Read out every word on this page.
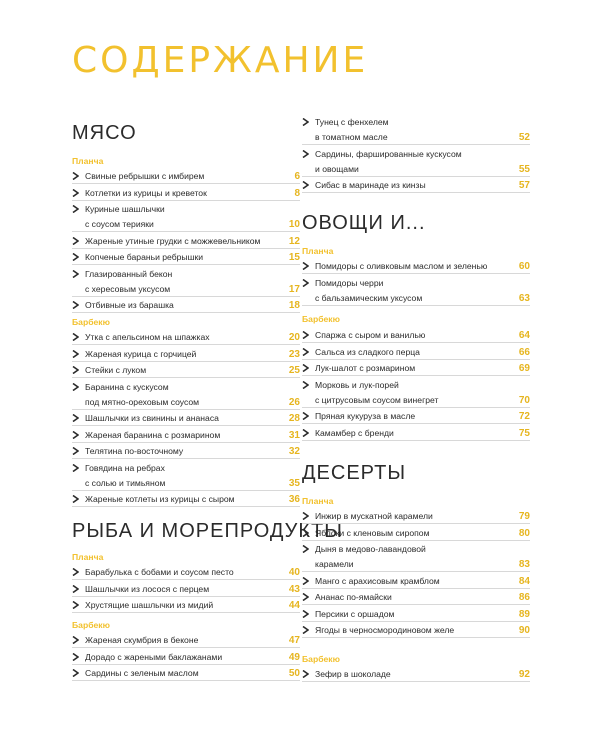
СОДЕРЖАНИЕ
МЯСО
Планча
Свиные ребрышки с имбирем	6
Котлетки из курицы и креветок	8
Куриные шашлычки
с соусом терияки	10
Жареные утиные грудки с можжевельником	12
Копченые бараньи ребрышки	15
Глазированный бекон
с хересовым уксусом	17
Отбивные из барашка	18
Барбекю
Утка с апельсином на шпажках	20
Жареная курица с горчицей	23
Стейки с луком	25
Баранина с кускусом
под мятно-ореховым соусом	26
Шашлычки из свинины и ананаса	28
Жареная баранина с розмарином	31
Телятина по-восточному	32
Говядина на ребрах
с солью и тимьяном	35
Жареные котлеты из курицы с сыром	36
РЫБА И МОРЕПРОДУКТЫ
Планча
Барабулька с бобами и соусом песто	40
Шашлычки из лосося с перцем	43
Хрустящие шашлычки из мидий	44
Барбекю
Жареная скумбрия в беконе	47
Дорадо с жареными баклажанами	49
Сардины с зеленым маслом	50
Тунец с фенхелем
в томатном масле	52
Сардины, фаршированные кускусом
и овощами	55
Сибас в маринаде из кинзы	57
ОВОЩИ И...
Планча
Помидоры с оливковым маслом и зеленью	60
Помидоры черри
с бальзамическим уксусом	63
Барбекю
Спаржа с сыром и ванилью	64
Сальса из сладкого перца	66
Лук-шалот с розмарином	69
Морковь и лук-порей
с цитрусовым соусом винегрет	70
Пряная кукуруза в масле	72
Камамбер с бренди	75
ДЕСЕРТЫ
Планча
Инжир в мускатной карамели	79
Яблоки с кленовым сиропом	80
Дыня в медово-лавандовой
карамели	83
Манго с арахисовым крамблом	84
Ананас по-ямайски	86
Персики с оршадом	89
Ягоды в черносмородиновом желе	90
Барбекю
Зефир в шоколаде	92
